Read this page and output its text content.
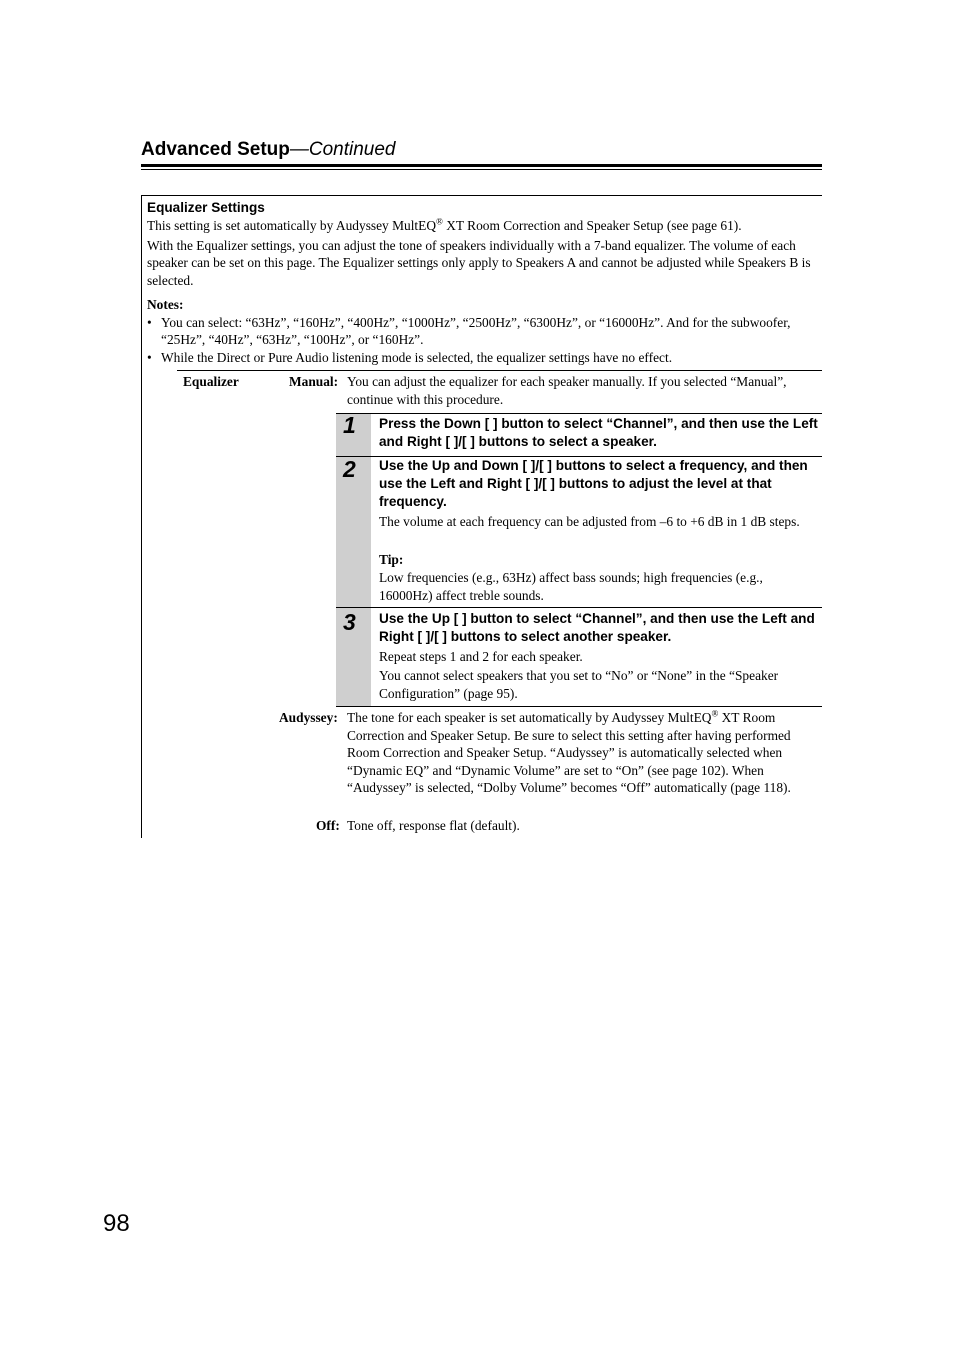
Advanced Setup—Continued
Equalizer Settings
This setting is set automatically by Audyssey MultEQ® XT Room Correction and Speaker Setup (see page 61).
With the Equalizer settings, you can adjust the tone of speakers individually with a 7-band equalizer. The volume of each speaker can be set on this page. The Equalizer settings only apply to Speakers A and cannot be adjusted while Speakers B is selected.
Notes:
• You can select: “63Hz”, “160Hz”, “400Hz”, “1000Hz”, “2500Hz”, “6300Hz”, or “16000Hz”. And for the subwoofer, “25Hz”, “40Hz”, “63Hz”, “100Hz”, or “160Hz”.
• While the Direct or Pure Audio listening mode is selected, the equalizer settings have no effect.
Equalizer	Manual: You can adjust the equalizer for each speaker manually. If you selected “Manual”, continue with this procedure.
1 Press the Down [ ] button to select “Channel”, and then use the Left and Right [ ]/[ ] buttons to select a speaker.
2 Use the Up and Down [ ]/[ ] buttons to select a frequency, and then use the Left and Right [ ]/[ ] buttons to adjust the level at that frequency.
The volume at each frequency can be adjusted from –6 to +6 dB in 1 dB steps.
Tip:
Low frequencies (e.g., 63Hz) affect bass sounds; high frequencies (e.g., 16000Hz) affect treble sounds.
3 Use the Up [ ] button to select “Channel”, and then use the Left and Right [ ]/[ ] buttons to select another speaker.
Repeat steps 1 and 2 for each speaker.
You cannot select speakers that you set to “No” or “None” in the “Speaker Configuration” (page 95).
Audyssey: The tone for each speaker is set automatically by Audyssey MultEQ® XT Room Correction and Speaker Setup. Be sure to select this setting after having performed Room Correction and Speaker Setup. “Audyssey” is automatically selected when “Dynamic EQ” and “Dynamic Volume” are set to “On” (see page 102). When “Audyssey” is selected, “Dolby Volume” becomes “Off” automatically (page 118).
Off: Tone off, response flat (default).
98
